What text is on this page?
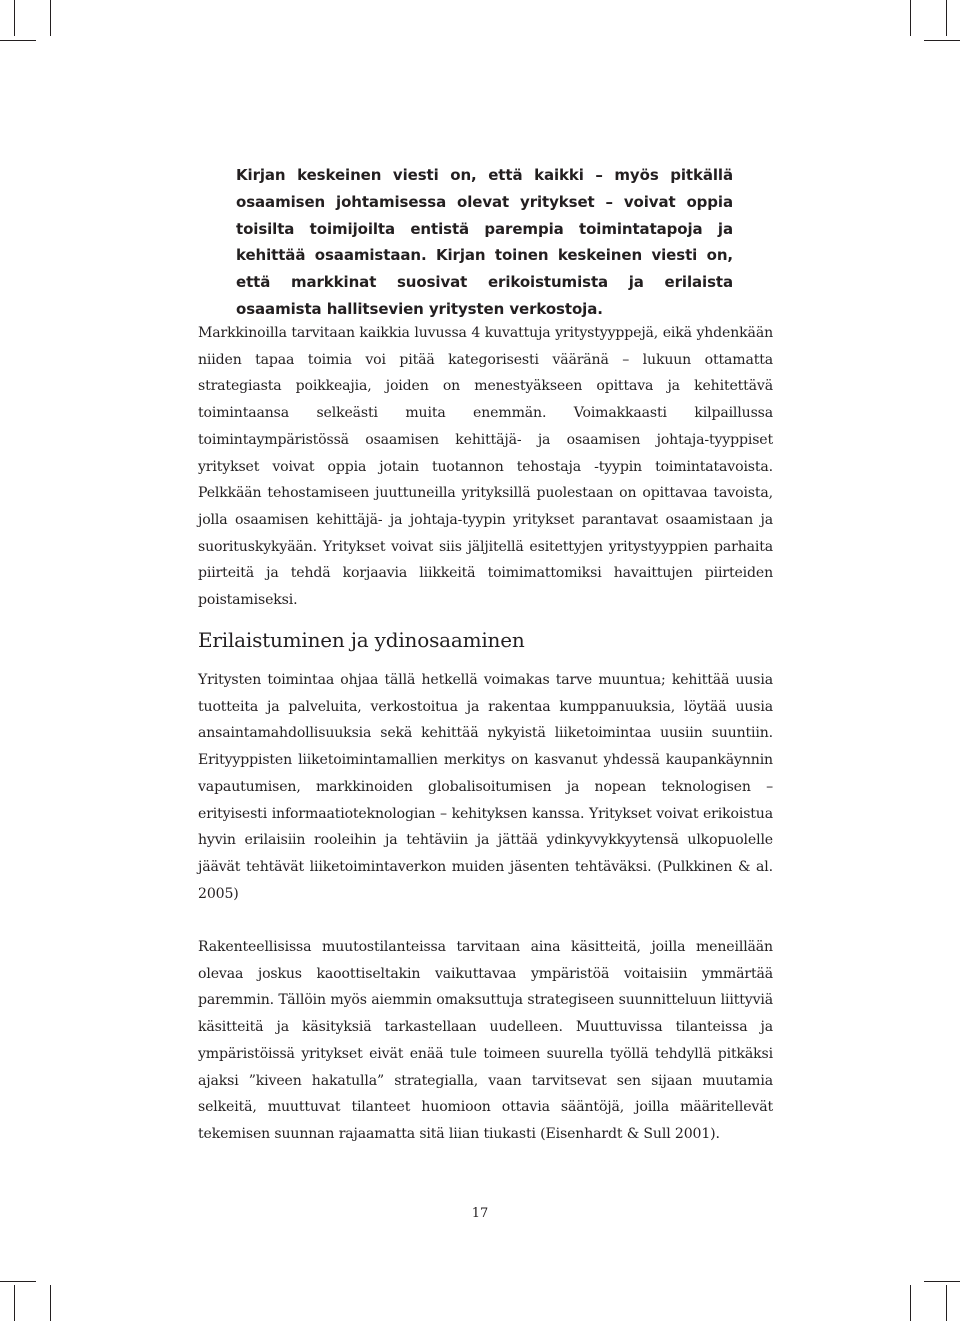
Kirjan keskeinen viesti on, että kaikki – myös pitkällä osaamisen johtamisessa olevat yritykset – voivat oppia toisilta toimijoilta entistä parempia toimintatapoja ja kehittää osaamistaan. Kirjan toinen keskeinen viesti on, että markkinat suosivat erikoistumista ja erilaista osaamista hallitsevien yritysten verkostoja.

Markkinoilla tarvitaan kaikkia luvussa 4 kuvattuja yritystyyppejä, eikä yhdenkään niiden tapaa toimia voi pitää kategorisesti vääränä – lukuun ottamatta strategiasta poikkeajia, joiden on menestyäkseen opittava ja kehitettävä toimintaansa selkeästi muita enemmän. Voimakkaasti kilpaillussa toimintaympäristössä osaamisen kehittäjä- ja osaamisen johtaja-tyyppiset yritykset voivat oppia jotain tuotannon tehostaja -tyypin toimintatavoista. Pelkkään tehostamiseen juuttuneilla yrityksillä puolestaan on opittavaa tavoista, jolla osaamisen kehittäjä- ja johtaja-tyypin yritykset parantavat osaamistaan ja suorituskykyään. Yritykset voivat siis jäljitellä esitettyjen yritystyyppien parhaita piirteitä ja tehdä korjaavia liikkeitä toimimattomiksi havaittujen piirteiden poistamiseksi.

Erilaistuminen ja ydinosaaminen

Yritysten toimintaa ohjaa tällä hetkellä voimakas tarve muuntua; kehittää uusia tuotteita ja palveluita, verkostoitua ja rakentaa kumppanuuksia, löytää uusia ansaintamahdollisuuksia sekä kehittää nykyistä liiketoimintaa uusiin suuntiin. Erityyppisten liiketoimintamallien merkitys on kasvanut yhdessä kaupankäynnin vapautumisen, markkinoiden globalisoitumisen ja nopean teknologisen – erityisesti informaatioteknologian – kehityksen kanssa. Yritykset voivat erikoistua hyvin erilaisiin rooleihin ja tehtäviin ja jättää ydinkyvykkyytensä ulkopuolelle jäävät tehtävät liiketoimintaverkon muiden jäsenten tehtäväksi. (Pulkkinen & al. 2005)

Rakenteellisissa muutostilanteissa tarvitaan aina käsitteitä, joilla meneillään olevaa joskus kaoottiseltakin vaikuttavaa ympäristöä voitaisiin ymmärtää paremmin. Tällöin myös aiemmin omaksuttuja strategiseen suunnitteluun liittyviä käsitteitä ja käsityksiä tarkastellaan uudelleen. Muuttuvissa tilanteissa ja ympäristöissä yritykset eivät enää tule toimeen suurella työllä tehdyllä pitkäksi ajaksi ”kiveen hakatulla” strategialla, vaan tarvitsevat sen sijaan muutamia selkeitä, muuttuvat tilanteet huomioon ottavia sääntöjä, joilla määritellevät tekemisen suunnan rajaamatta sitä liian tiukasti (Eisenhardt & Sull 2001).

17
